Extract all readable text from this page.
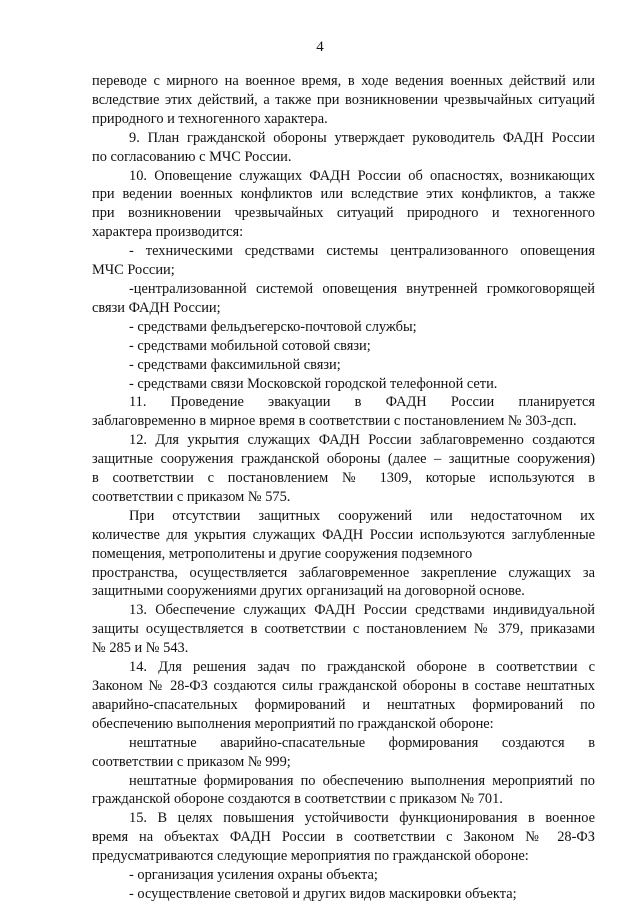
4
переводе с мирного на военное время, в ходе ведения военных действий или
вследствие этих действий, а также при возникновении чрезвычайных ситуаций
природного и техногенного характера.
9. План гражданской обороны утверждает руководитель ФАДН России
по согласованию с МЧС России.
10. Оповещение служащих ФАДН России об опасностях, возникающих
при ведении военных конфликтов или вследствие этих конфликтов, а также
при возникновении чрезвычайных ситуаций природного и техногенного
характера производится:
- техническими средствами системы централизованного оповещения
МЧС России;
-централизованной системой оповещения внутренней громкоговорящей
связи ФАДН России;
- средствами фельдъегерско-почтовой службы;
- средствами мобильной сотовой связи;
- средствами факсимильной связи;
- средствами связи Московской городской телефонной сети.
11. Проведение эвакуации в ФАДН России планируется
заблаговременно в мирное время в соответствии с постановлением № 303-дсп.
12. Для укрытия служащих ФАДН России заблаговременно создаются
защитные сооружения гражданской обороны (далее – защитные сооружения)
в соответствии с постановлением № 1309, которые используются в
соответствии с приказом № 575.
При отсутствии защитных сооружений или недостаточном их
количестве для укрытия служащих ФАДН России используются заглубленные
помещения, метрополитены и другие сооружения подземного
пространства, осуществляется заблаговременное закрепление служащих за
защитными сооружениями других организаций на договорной основе.
13. Обеспечение служащих ФАДН России средствами индивидуальной
защиты осуществляется в соответствии с постановлением № 379, приказами
№ 285 и № 543.
14. Для решения задач по гражданской обороне в соответствии с
Законом № 28-ФЗ создаются силы гражданской обороны в составе нештатных
аварийно-спасательных формирований и нештатных формирований по
обеспечению выполнения мероприятий по гражданской обороне:
нештатные аварийно-спасательные формирования создаются в
соответствии с приказом № 999;
нештатные формирования по обеспечению выполнения мероприятий по
гражданской обороне создаются в соответствии с приказом № 701.
15. В целях повышения устойчивости функционирования в военное
время на объектах ФАДН России в соответствии с Законом № 28-ФЗ
предусматриваются следующие мероприятия по гражданской обороне:
- организация усиления охраны объекта;
- осуществление световой и других видов маскировки объекта;
